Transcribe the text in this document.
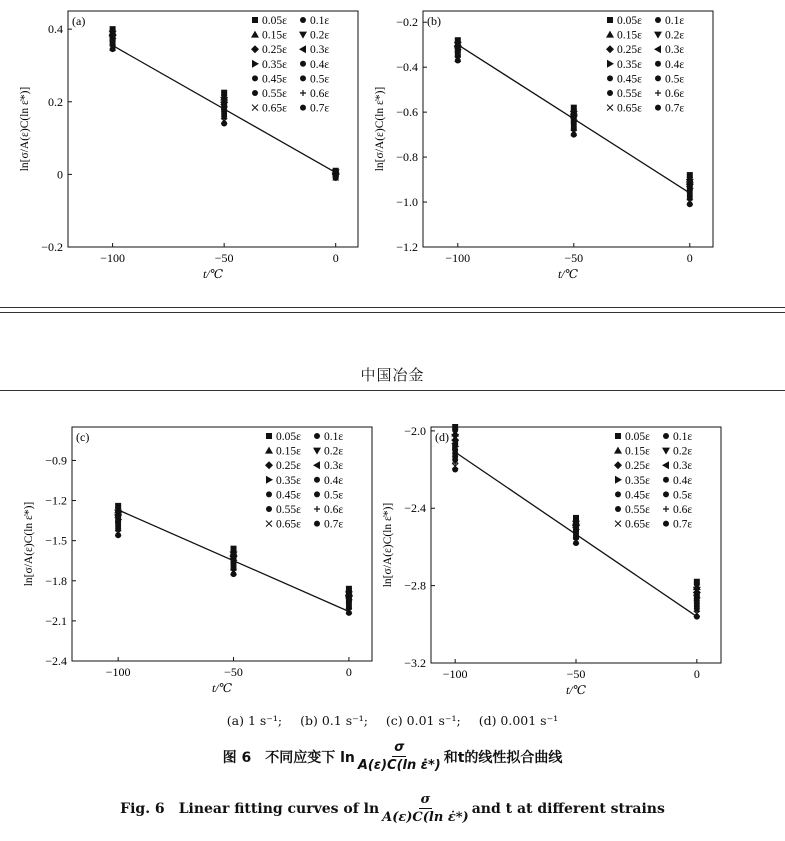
−100	−50	0
−0.2
0
0.2
0.4
t/℃
ln[σ/A(ε)C(ln ε̇*)]
(a)	0.05ε 0.1ε
0.15ε 0.2ε
0.25ε 0.3ε
0.35ε 0.4ε
0.45ε 0.5ε
0.55ε 0.6ε
0.65ε 0.7ε
−100	−50	0
−1.2
−1.0
−0.8
−0.6
−0.4
−0.2
t/℃
ln[σ/A(ε)C(ln ε̇*)]
(b)	0.05ε 0.1ε
0.15ε 0.2ε
0.25ε 0.3ε
0.35ε 0.4ε
0.45ε 0.5ε
0.55ε 0.6ε
0.65ε 0.7ε
−100	−50	0
−2.4
−2.1
−1.8
−1.5
−1.2
−0.9
t/℃
ln[σ/A(ε)C(ln ε̇*)]
(c)	0.05ε 0.1ε
0.15ε 0.2ε
0.25ε 0.3ε
0.35ε 0.4ε
0.45ε 0.5ε
0.55ε 0.6ε
0.65ε 0.7ε
−100	−50	0
−3.2
−2.8
−2.4
−2.0
t/℃
ln[σ/A(ε)C(ln ε̇*)]
(d)	0.05ε 0.1ε
0.15ε 0.2ε
0.25ε 0.3ε
0.35ε 0.4ε
0.45ε 0.5ε
0.55ε 0.6ε
0.65ε 0.7ε
中国冶金
(a) 1 s⁻¹; (b) 0.1 s⁻¹; (c) 0.01 s⁻¹; (d) 0.001 s⁻¹
图 6 不同应变下 $\ln \frac{\sigma}{\text{A(ε)C(ln ε̇*)}}$ 和t的线性拟合曲线
Fig. 6 Linear fitting curves of $\ln \frac{\sigma}{\text{A(ε)C(ln ε̇*)}}$ and t at different strains
